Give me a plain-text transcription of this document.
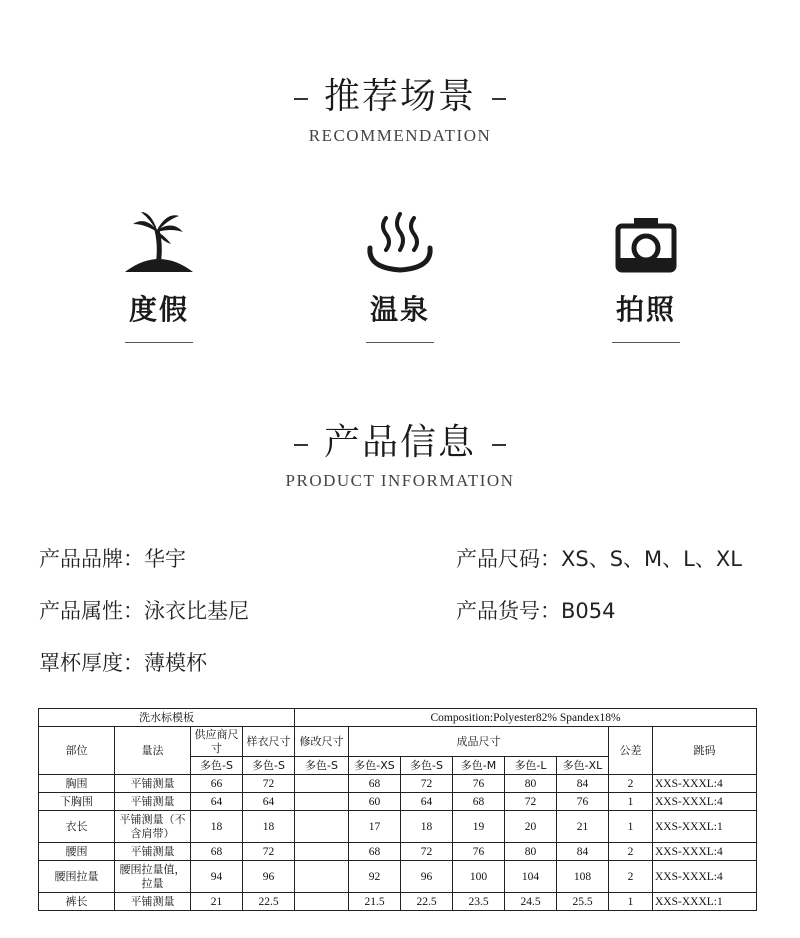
推荐场景
RECOMMENDATION
度假	温泉	拍照
产品信息
PRODUCT INFORMATION
产品品牌：华宇	产品尺码：XS、S、M、L、XL
产品属性：泳衣比基尼	产品货号：B054
罩杯厚度：薄模杯
洗水标模板				Composition:Polyester82% Spandex18%							
部位	量法	供应商尺寸	样衣尺寸	修改尺寸	成品尺寸					公差	跳码
		多色-S	多色-S	多色-S	多色-XS	多色-S	多色-M	多色-L	多色-XL		
胸围	平铺测量	66	72		68	72	76	80	84	2	XXS-XXXL:4
下胸围	平铺测量	64	64		60	64	68	72	76	1	XXS-XXXL:4
衣长	平铺测量（不含肩带）	18	18		17	18	19	20	21	1	XXS-XXXL:1
腰围	平铺测量	68	72		68	72	76	80	84	2	XXS-XXXL:4
腰围拉量	腰围拉量值，拉量	94	96		92	96	100	104	108	2	XXS-XXXL:4
裤长	平铺测量	21	22.5		21.5	22.5	23.5	24.5	25.5	1	XXS-XXXL:1
